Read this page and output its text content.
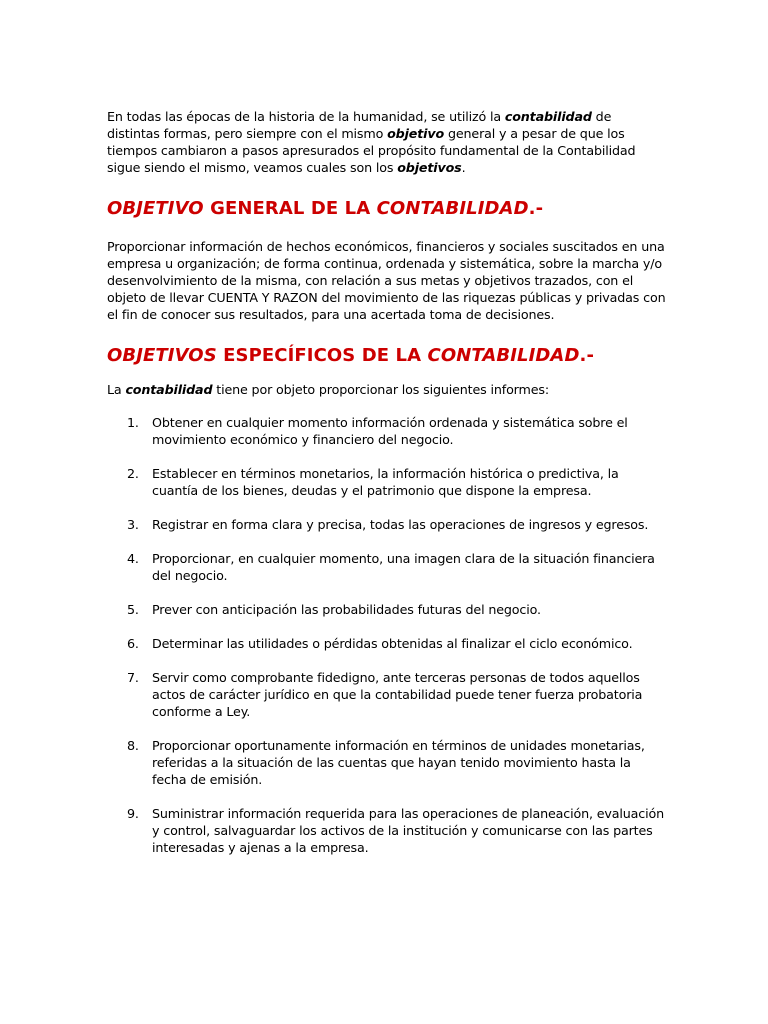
En todas las épocas de la historia de la humanidad, se utilizó la contabilidad de distintas formas, pero siempre con el mismo objetivo general y a pesar de que los tiempos cambiaron a pasos apresurados el propósito fundamental de la Contabilidad sigue siendo el mismo, veamos cuales son los objetivos.

OBJETIVO GENERAL DE LA CONTABILIDAD.-

Proporcionar información de hechos económicos, financieros y sociales suscitados en una empresa u organización; de forma continua, ordenada y sistemática, sobre la marcha y/o desenvolvimiento de la misma, con relación a sus metas y objetivos trazados, con el objeto de llevar CUENTA Y RAZON del movimiento de las riquezas públicas y privadas con el fin de conocer sus resultados, para una acertada toma de decisiones.

OBJETIVOS ESPECÍFICOS DE LA CONTABILIDAD.-

La contabilidad tiene por objeto proporcionar los siguientes informes:

1. Obtener en cualquier momento información ordenada y sistemática sobre el movimiento económico y financiero del negocio.
2. Establecer en términos monetarios, la información histórica o predictiva, la cuantía de los bienes, deudas y el patrimonio que dispone la empresa.
3. Registrar en forma clara y precisa, todas las operaciones de ingresos y egresos.
4. Proporcionar, en cualquier momento, una imagen clara de la situación financiera del negocio.
5. Prever con anticipación las probabilidades futuras del negocio.
6. Determinar las utilidades o pérdidas obtenidas al finalizar el ciclo económico.
7. Servir como comprobante fidedigno, ante terceras personas de todos aquellos actos de carácter jurídico en que la contabilidad puede tener fuerza probatoria conforme a Ley.
8. Proporcionar oportunamente información en términos de unidades monetarias, referidas a la situación de las cuentas que hayan tenido movimiento hasta la fecha de emisión.
9. Suministrar información requerida para las operaciones de planeación, evaluación y control, salvaguardar los activos de la institución y comunicarse con las partes interesadas y ajenas a la empresa.
